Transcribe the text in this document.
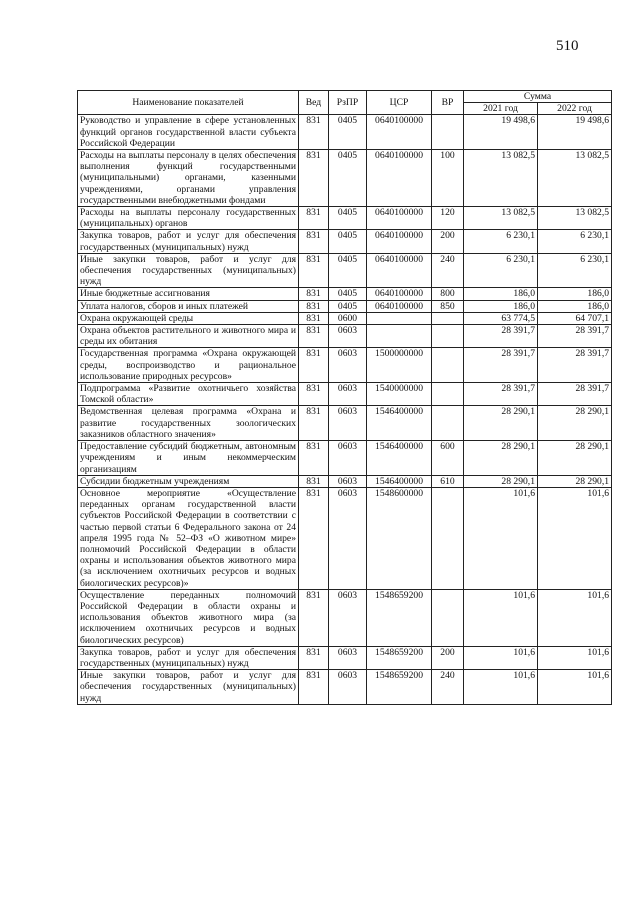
510
Наименование показателей	Вед	РзПР	ЦСР	ВР	Сумма	
					2021 год	2022 год
Руководство и управление в сфере установленных функций органов государственной власти субъекта Российской Федерации	831	0405	0640100000		19 498,6	19 498,6
Расходы на выплаты персоналу в целях обеспечения выполнения функций государственными (муниципальными) органами, казенными учреждениями, органами управления государственными внебюджетными фондами	831	0405	0640100000	100	13 082,5	13 082,5
Расходы на выплаты персоналу государственных (муниципальных) органов	831	0405	0640100000	120	13 082,5	13 082,5
Закупка товаров, работ и услуг для обеспечения государственных (муниципальных) нужд	831	0405	0640100000	200	6 230,1	6 230,1
Иные закупки товаров, работ и услуг для обеспечения государственных (муниципальных) нужд	831	0405	0640100000	240	6 230,1	6 230,1
Иные бюджетные ассигнования	831	0405	0640100000	800	186,0	186,0
Уплата налогов, сборов и иных платежей	831	0405	0640100000	850	186,0	186,0
Охрана окружающей среды	831	0600			63 774,5	64 707,1
Охрана объектов растительного и животного мира и среды их обитания	831	0603			28 391,7	28 391,7
Государственная программа «Охрана окружающей среды, воспроизводство и рациональное использование природных ресурсов»	831	0603	1500000000		28 391,7	28 391,7
Подпрограмма «Развитие охотничьего хозяйства Томской области»	831	0603	1540000000		28 391,7	28 391,7
Ведомственная целевая программа «Охрана и развитие государственных зоологических заказников областного значения»	831	0603	1546400000		28 290,1	28 290,1
Предоставление субсидий бюджетным, автономным учреждениям и иным некоммерческим организациям	831	0603	1546400000	600	28 290,1	28 290,1
Субсидии бюджетным учреждениям	831	0603	1546400000	610	28 290,1	28 290,1
Основное мероприятие «Осуществление переданных органам государственной власти субъектов Российской Федерации в соответствии с частью первой статьи 6 Федерального закона от 24 апреля 1995 года № 52–ФЗ «О животном мире» полномочий Российской Федерации в области охраны и использования объектов животного мира (за исключением охотничьих ресурсов и водных биологических ресурсов)»	831	0603	1548600000		101,6	101,6
Осуществление переданных полномочий Российской Федерации в области охраны и использования объектов животного мира (за исключением охотничьих ресурсов и водных биологических ресурсов)	831	0603	1548659200		101,6	101,6
Закупка товаров, работ и услуг для обеспечения государственных (муниципальных) нужд	831	0603	1548659200	200	101,6	101,6
Иные закупки товаров, работ и услуг для обеспечения государственных (муниципальных) нужд	831	0603	1548659200	240	101,6	101,6
